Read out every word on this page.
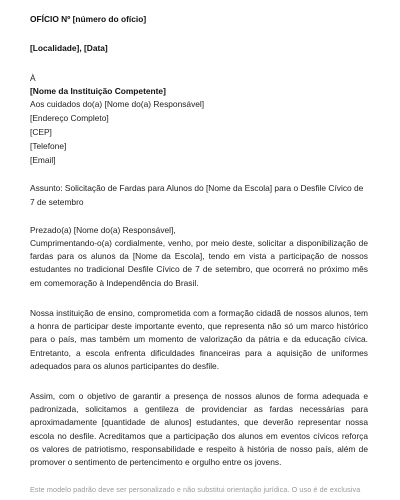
OFÍCIO Nº [número do ofício]
[Localidade], [Data]
À
[Nome da Instituição Competente]
Aos cuidados do(a) [Nome do(a) Responsável]
[Endereço Completo]
[CEP]
[Telefone]
[Email]
Assunto: Solicitação de Fardas para Alunos do [Nome da Escola] para o Desfile Cívico de
7 de setembro
Prezado(a) [Nome do(a) Responsável],
Cumprimentando-o(a) cordialmente, venho, por meio deste, solicitar a disponibilização de fardas para os alunos da [Nome da Escola], tendo em vista a participação de nossos estudantes no tradicional Desfile Cívico de 7 de setembro, que ocorrerá no próximo mês em comemoração à Independência do Brasil.
Nossa instituição de ensino, comprometida com a formação cidadã de nossos alunos, tem a honra de participar deste importante evento, que representa não só um marco histórico para o país, mas também um momento de valorização da pátria e da educação cívica. Entretanto, a escola enfrenta dificuldades financeiras para a aquisição de uniformes adequados para os alunos participantes do desfile.
Assim, com o objetivo de garantir a presença de nossos alunos de forma adequada e padronizada, solicitamos a gentileza de providenciar as fardas necessárias para aproximadamente [quantidade de alunos] estudantes, que deverão representar nossa escola no desfile. Acreditamos que a participação dos alunos em eventos cívicos reforça os valores de patriotismo, responsabilidade e respeito à história de nosso país, além de promover o sentimento de pertencimento e orgulho entre os jovens.
Este modelo padrão deve ser personalizado e não substitui orientação jurídica. O uso é de exclusiva
